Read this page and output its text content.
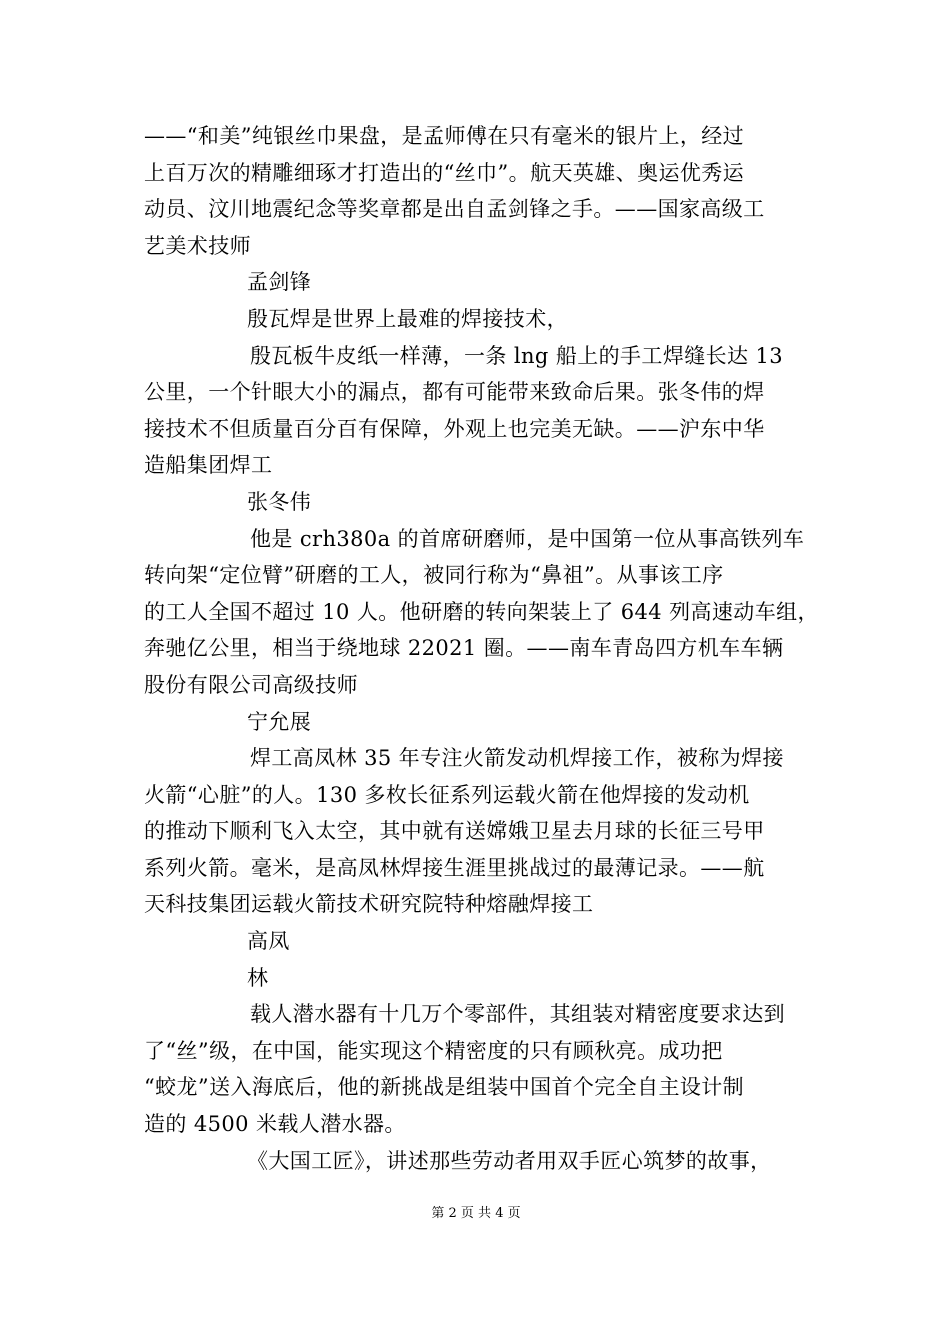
——“和美”纯银丝巾果盘，是孟师傅在只有毫米的银片上，经过
上百万次的精雕细琢才打造出的“丝巾”。航天英雄、奥运优秀运
动员、汶川地震纪念等奖章都是出自孟剑锋之手。——国家高级工
艺美术技师
孟剑锋
殷瓦焊是世界上最难的焊接技术，
殷瓦板牛皮纸一样薄，一条 lng 船上的手工焊缝长达 13
公里，一个针眼大小的漏点，都有可能带来致命后果。张冬伟的焊
接技术不但质量百分百有保障，外观上也完美无缺。——沪东中华
造船集团焊工
张冬伟
他是 crh380a 的首席研磨师，是中国第一位从事高铁列车
转向架“定位臂”研磨的工人，被同行称为“鼻祖”。从事该工序
的工人全国不超过 10 人。他研磨的转向架装上了 644 列高速动车组，
奔驰亿公里，相当于绕地球 22021 圈。——南车青岛四方机车车辆
股份有限公司高级技师
宁允展
焊工高凤林 35 年专注火箭发动机焊接工作，被称为焊接
火箭“心脏”的人。130 多枚长征系列运载火箭在他焊接的发动机
的推动下顺利飞入太空，其中就有送嫦娥卫星去月球的长征三号甲
系列火箭。毫米，是高凤林焊接生涯里挑战过的最薄记录。——航
天科技集团运载火箭技术研究院特种熔融焊接工
高凤
林
载人潜水器有十几万个零部件，其组装对精密度要求达到
了“丝”级，在中国，能实现这个精密度的只有顾秋亮。成功把
“蛟龙”送入海底后，他的新挑战是组装中国首个完全自主设计制
造的 4500 米载人潜水器。
《大国工匠》，讲述那些劳动者用双手匠心筑梦的故事，
第 2 页 共 4 页
